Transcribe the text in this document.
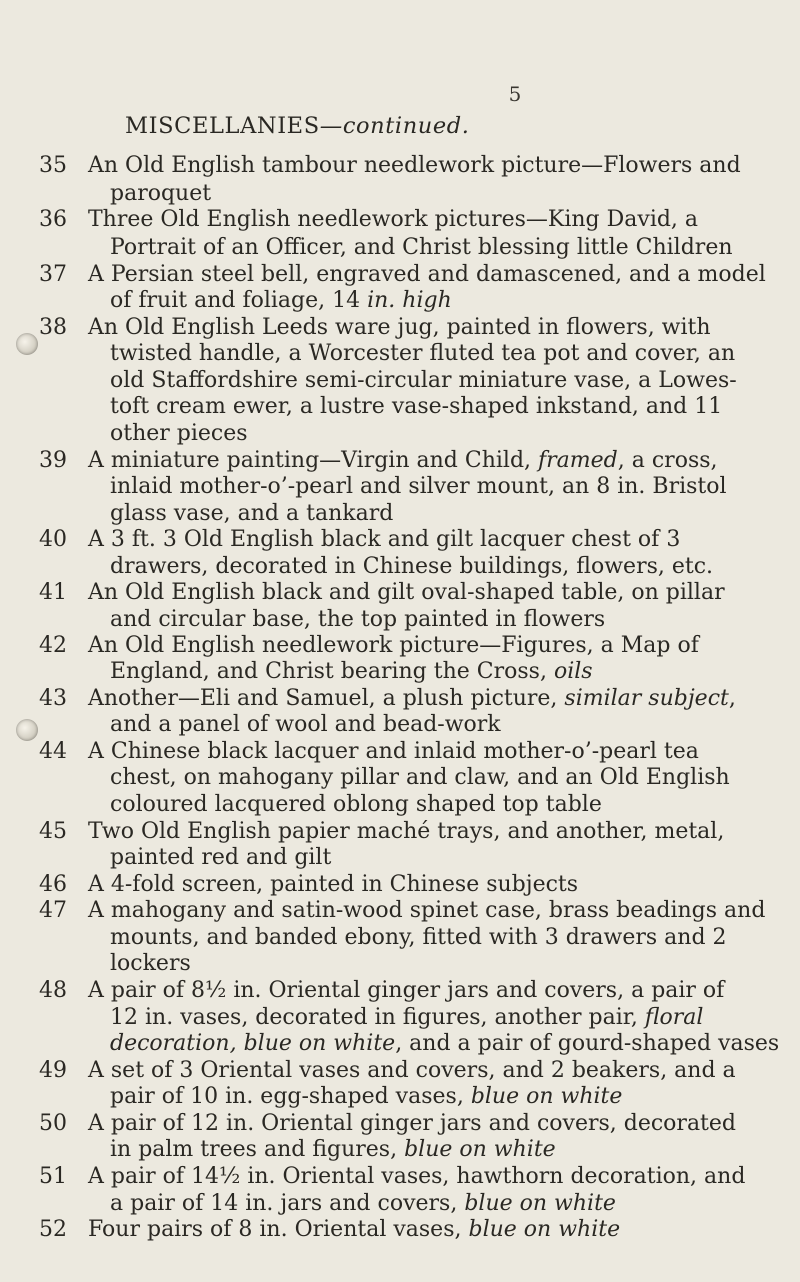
5
MISCELLANIES—continued.
35 An Old English tambour needlework picture—Flowers and
paroquet
36 Three Old English needlework pictures—King David, a
Portrait of an Officer, and Christ blessing little Children
37 A Persian steel bell, engraved and damascened, and a model
of fruit and foliage, 14 in. high
38 An Old English Leeds ware jug, painted in flowers, with
twisted handle, a Worcester fluted tea pot and cover, an
old Staffordshire semi-circular miniature vase, a Lowes-
toft cream ewer, a lustre vase-shaped inkstand, and 11
other pieces
39 A miniature painting—Virgin and Child, framed, a cross,
inlaid mother-o’-pearl and silver mount, an 8 in. Bristol
glass vase, and a tankard
40 A 3 ft. 3 Old English black and gilt lacquer chest of 3
drawers, decorated in Chinese buildings, flowers, etc.
41 An Old English black and gilt oval-shaped table, on pillar
and circular base, the top painted in flowers
42 An Old English needlework picture—Figures, a Map of
England, and Christ bearing the Cross, oils
43 Another—Eli and Samuel, a plush picture, similar subject,
and a panel of wool and bead-work
44 A Chinese black lacquer and inlaid mother-o’-pearl tea
chest, on mahogany pillar and claw, and an Old English
coloured lacquered oblong shaped top table
45 Two Old English papier maché trays, and another, metal,
painted red and gilt
46 A 4-fold screen, painted in Chinese subjects
47 A mahogany and satin-wood spinet case, brass beadings and
mounts, and banded ebony, fitted with 3 drawers and 2
lockers
48 A pair of 8½ in. Oriental ginger jars and covers, a pair of
12 in. vases, decorated in figures, another pair, floral
decoration, blue on white, and a pair of gourd-shaped vases
49 A set of 3 Oriental vases and covers, and 2 beakers, and a
pair of 10 in. egg-shaped vases, blue on white
50 A pair of 12 in. Oriental ginger jars and covers, decorated
in palm trees and figures, blue on white
51 A pair of 14½ in. Oriental vases, hawthorn decoration, and
a pair of 14 in. jars and covers, blue on white
52 Four pairs of 8 in. Oriental vases, blue on white
